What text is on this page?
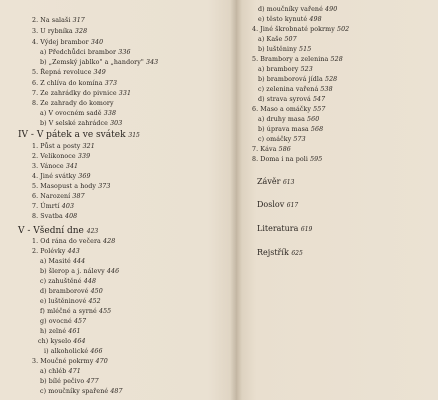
2. Na salaši 317
3. U rybníka 328
4. Výdej brambor 340
a) Předchůdci brambor 336
b) „Zemský jablko" a „handory" 343
5. Řepná revoluce 349
6. Z chlíva do komína 373
7. Ze zahrádky do pivnice 331
8. Ze zahrady do komory
a) V ovocném sadě 338
b) V selské zahrádce 303
IV - V pátek a ve svátek 315
1. Půst a posty 321
2. Velikonoce 339
3. Vánoce 341
4. Jiné svátky 369
5. Masopust a hody 373
6. Narození 387
7. Úmrtí 403
8. Svatba 408
V - Všední dne 423
1. Od rána do večera 428
2. Polévky 443
a) Masité 444
b) šlerop a j. nálevy 446
c) zahuštěné 448
d) bramborové 450
e) luštěninové 452
f) mléčné a syrné 455
g) ovocné 457
h) zelné 461
ch) kyselo 464
i) alkoholické 466
3. Moučné pokrmy 470
a) chléb 471
b) bílé pečivo 477
c) moučníky spařené 487
d) moučníky vařené 490
e) těsto kynuté 498
4. Jiné škrobnaté pokrmy 502
a) Kaše 507
b) luštěniny 515
5. Brambory a zelenina 528
a) brambory 523
b) bramborová jídla 528
c) zelenina vařená 538
d) strava syrová 547
6. Maso a omáčky 557
a) druhy masa 560
b) úprava masa 568
c) omáčky 573
7. Káva 586
8. Doma i na poli 595
Závěr 613
Doslov 617
Literatura 619
Rejstřík 625
